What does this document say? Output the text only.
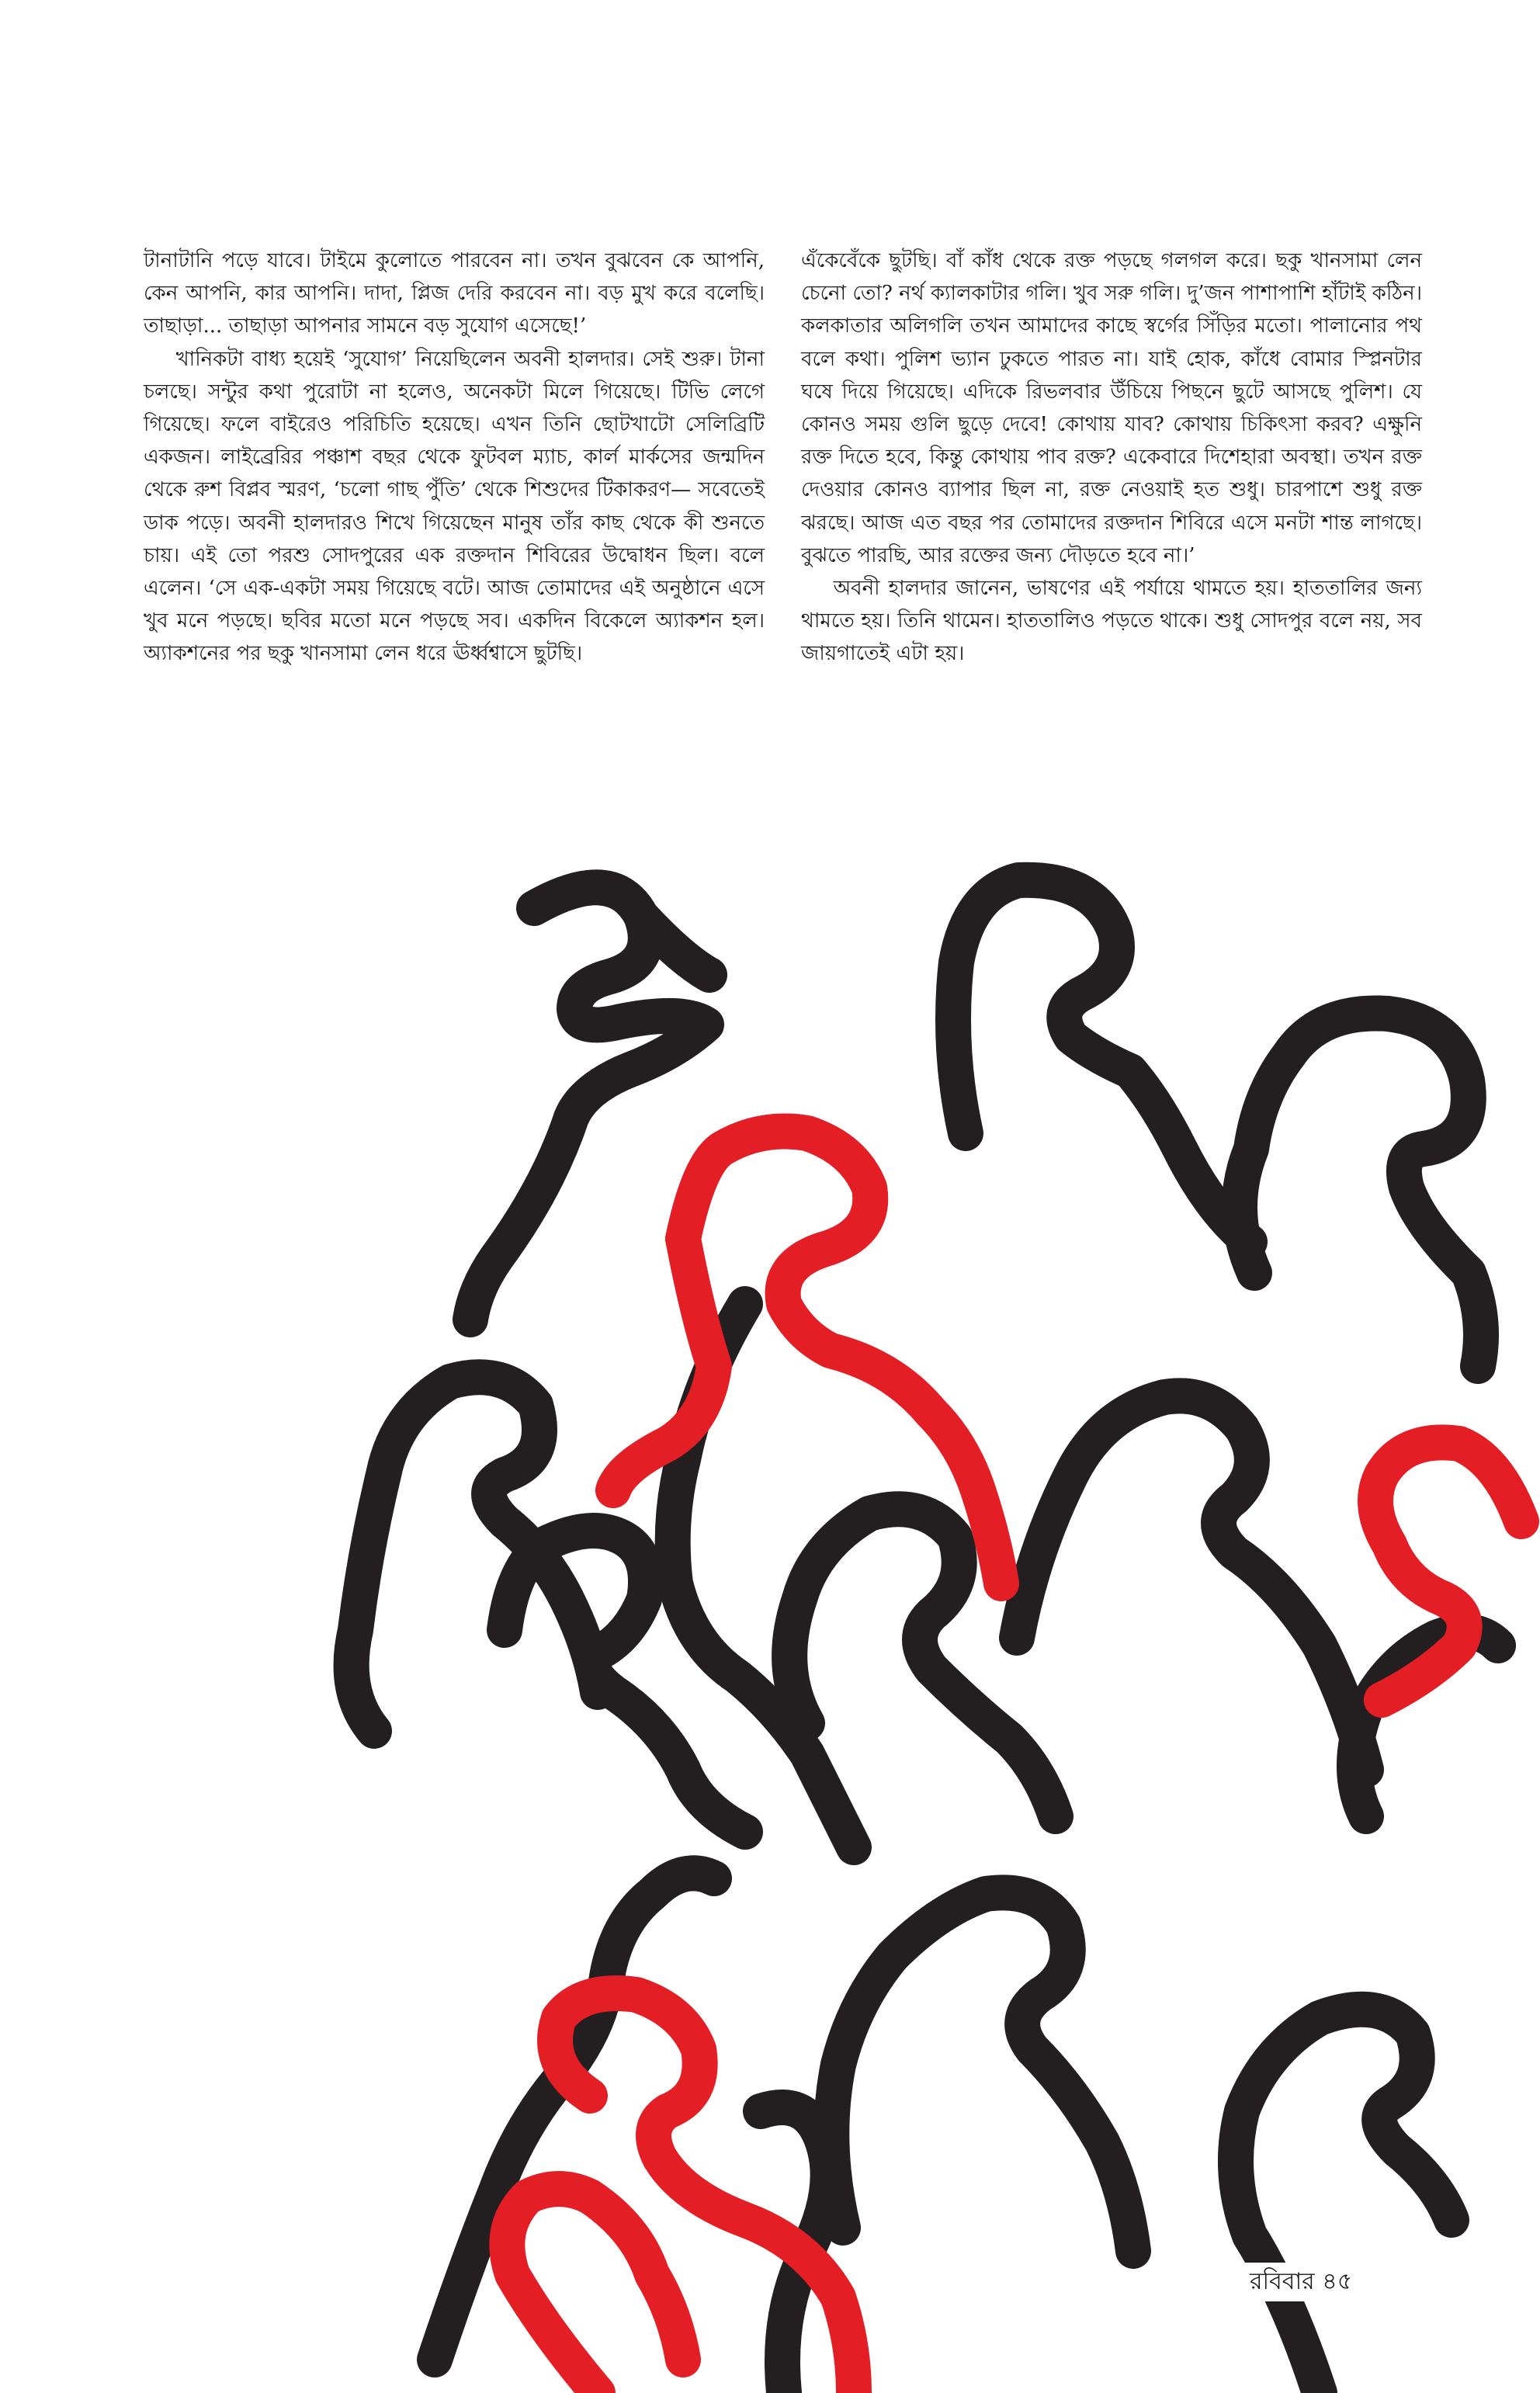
টানাটানি পড়ে যাবে। টাইমে কুলোতে পারবেন না। তখন বুঝবেন কে আপনি, কেন আপনি, কার আপনি। দাদা, প্লিজ দেরি করবেন না। বড় মুখ করে বলেছি। তাছাড়া... তাছাড়া আপনার সামনে বড় সুযোগ এসেছে!’

খানিকটা বাধ্য হয়েই ‘সুযোগ’ নিয়েছিলেন অবনী হালদার। সেই শুরু। টানা চলছে। সন্টুর কথা পুরোটা না হলেও, অনেকটা মিলে গিয়েছে। টিভি লেগে গিয়েছে। ফলে বাইরেও পরিচিতি হয়েছে। এখন তিনি ছোটখাটো সেলিব্রিটি একজন। লাইব্রেরির পঞ্চাশ বছর থেকে ফুটবল ম্যাচ, কার্ল মার্কসের জন্মদিন থেকে রুশ বিপ্লব স্মরণ, ‘চলো গাছ পুঁতি’ থেকে শিশুদের টিকাকরণ— সবেতেই ডাক পড়ে। অবনী হালদারও শিখে গিয়েছেন মানুষ তাঁর কাছ থেকে কী শুনতে চায়। এই তো পরশু সোদপুরের এক রক্তদান শিবিরের উদ্বোধন ছিল। বলে এলেন। ‘সে এক-একটা সময় গিয়েছে বটে। আজ তোমাদের এই অনুষ্ঠানে এসে খুব মনে পড়ছে। ছবির মতো মনে পড়ছে সব। একদিন বিকেলে অ্যাকশন হল। অ্যাকশনের পর ছকু খানসামা লেন ধরে ঊর্ধ্বশ্বাসে ছুটছি।

এঁকেবেঁকে ছুটছি। বাঁ কাঁধ থেকে রক্ত পড়ছে গলগল করে। ছকু খানসামা লেন চেনো তো? নর্থ ক্যালকাটার গলি। খুব সরু গলি। দু’জন পাশাপাশি হাঁটাই কঠিন। কলকাতার অলিগলি তখন আমাদের কাছে স্বর্গের সিঁড়ির মতো। পালানোর পথ বলে কথা। পুলিশ ভ্যান ঢুকতে পারত না। যাই হোক, কাঁধে বোমার স্প্লিনটার ঘষে দিয়ে গিয়েছে। এদিকে রিভলবার উঁচিয়ে পিছনে ছুটে আসছে পুলিশ। যে কোনও সময় গুলি ছুড়ে দেবে! কোথায় যাব? কোথায় চিকিৎসা করব? এক্ষুনি রক্ত দিতে হবে, কিন্তু কোথায় পাব রক্ত? একেবারে দিশেহারা অবস্থা। তখন রক্ত দেওয়ার কোনও ব্যাপার ছিল না, রক্ত নেওয়াই হত শুধু। চারপাশে শুধু রক্ত ঝরছে। আজ এত বছর পর তোমাদের রক্তদান শিবিরে এসে মনটা শান্ত লাগছে। বুঝতে পারছি, আর রক্তের জন্য দৌড়তে হবে না।’

অবনী হালদার জানেন, ভাষণের এই পর্যায়ে থামতে হয়। হাততালির জন্য থামতে হয়। তিনি থামেন। হাততালিও পড়তে থাকে। শুধু সোদপুর বলে নয়, সব জায়গাতেই এটা হয়।

রবিবার ৪৫
